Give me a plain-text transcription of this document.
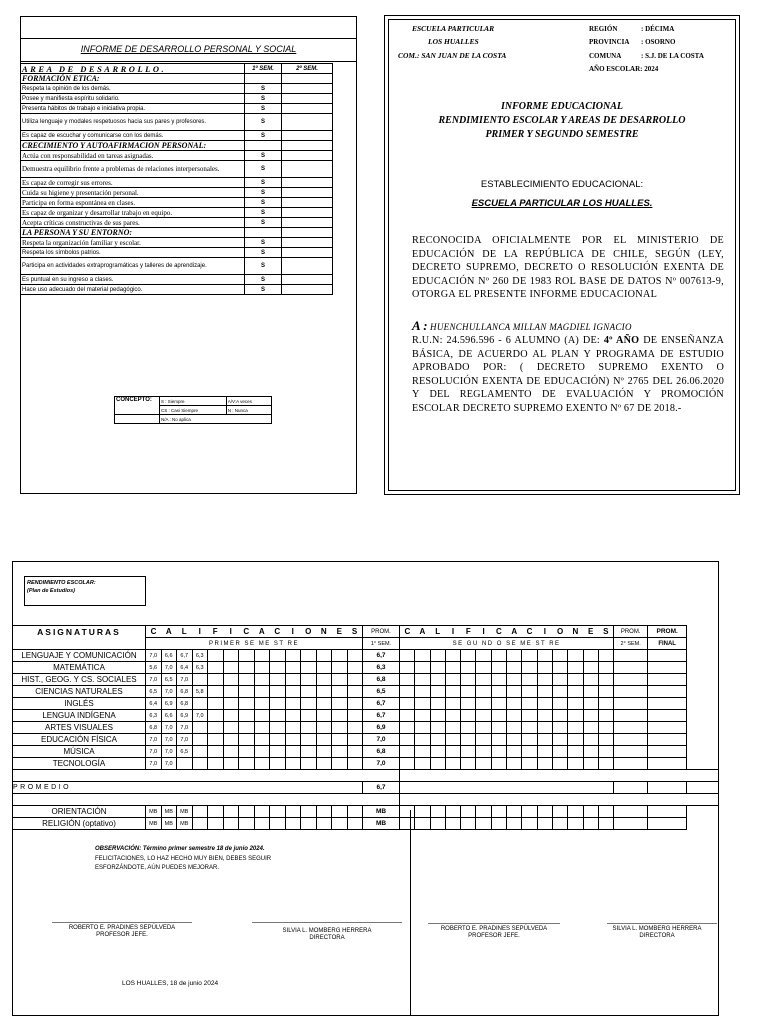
INFORME DE DESARROLLO PERSONAL Y SOCIAL
AREA DE DESARROLLO.	1º SEM.	2º SEM.
FORMACIÓN ETICA:		
Respeta la opinión de los demás.	S	
Posee y manifiesta espíritu solidario.	S	
Presenta hábitos de trabajo e iniciativa propia.	S	
Utiliza lenguaje y modales respetuosos hacia sus pares y profesores.	S	
Es capaz de escuchar y comunicarse con los demás.	S	
CRECIMIENTO Y AUTOAFIRMACION PERSONAL:		
Actúa con responsabilidad en tareas asignadas.	S	
Demuestra equilibrio frente a problemas de relaciones interpersonales.	S	
Es capaz de corregir sus errores.	S	
Cuida su higiene y presentación personal.	S	
Participa en forma espontánea en clases.	S	
Es capaz de organizar y desarrollar trabajo en equipo.	S	
Acepta críticas constructivas de sus pares.	S	
LA PERSONA Y SU ENTORNO:		
Respeta la organización familiar y escolar.	S	
Respeta los símbolos patrios.	S	
Participa en actividades extraprogramáticas y talleres de aprendizaje.	S	
Es puntual en su ingreso a clases.	S	
Hace uso adecuado del material pedagógico.	S	
CONCEPTO:	S : Siempre	A/V:A veces
	CS : Casi Siempre	N : Nunca
	N/A : No aplica	
ESCUELA PARTICULAR
LOS HUALLES
COM.: SAN JUAN DE LA COSTA
REGIÓN	: DÉCIMA
PROVINCIA : OSORNO
COMUNA	: S.J. DE LA COSTA
AÑO ESCOLAR: 2024
INFORME EDUCACIONAL
RENDIMIENTO ESCOLAR Y AREAS DE DESARROLLO
PRIMER Y SEGUNDO SEMESTRE
ESTABLECIMIENTO EDUCACIONAL:
ESCUELA PARTICULAR LOS HUALLES.
RECONOCIDA OFICIALMENTE POR EL MINISTERIO DE EDUCACIÓN DE LA REPÚBLICA DE CHILE, SEGÚN (LEY, DECRETO SUPREMO, DECRETO O RESOLUCIÓN EXENTA DE EDUCACIÓN Nº 260 DE 1983 ROL BASE DE DATOS Nº 007613-9, OTORGA EL PRESENTE INFORME EDUCACIONAL
A : HUENCHULLANCA MILLAN MAGDIEL IGNACIO
R.U.N: 24.596.596 - 6 ALUMNO (A) DE: 4º AÑO DE ENSEÑANZA BÁSICA, DE ACUERDO AL PLAN Y PROGRAMA DE ESTUDIO APROBADO POR: ( DECRETO SUPREMO EXENTO O RESOLUCIÓN EXENTA DE EDUCACIÓN) Nº 2765 DEL 26.06.2020 Y DEL REGLAMENTO DE EVALUACIÓN Y PROMOCIÓN ESCOLAR DECRETO SUPREMO EXENTO Nº 67 DE 2018.-
RENDIMIENTO ESCOLAR:
(Plan de Estudios)
ASIGNATURAS	C	A	L	I	F	I	C	A	C	I	O	N	E	S	PROM.	C	A	L	I	F	I	C	A	C	I	O	N	E	S	PROM.	PROM.
	PRIMER SE ME ST RE														1° SEM.	SE GU ND O SE ME ST RE														2° SEM.	FINAL
LENGUAJE Y COMUNICACIÓN	7,0	6,6	6,7	6,3											6,7																
MATEMÁTICA	5,6	7,0	6,4	6,3											6,3																
HIST., GEOG. Y CS. SOCIALES	7,0	6,5	7,0												6,8																
CIENCIAS NATURALES	6,5	7,0	6,8	5,8											6,5																
INGLÉS	6,4	6,9	6,8												6,7																
LENGUA INDÍGENA	6,3	6,6	6,9	7,0											6,7																
ARTES VISUALES	6,8	7,0	7,0												6,9																
EDUCACIÓN FÍSICA	7,0	7,0	7,0												7,0																
MÚSICA	7,0	7,0	6,5												6,8																
TECNOLOGÍA	7,0	7,0													7,0																

PROMEDIO															6,7																

ORIENTACIÓN	MB	MB	MB												MB																
RELIGIÓN (optativo)	MB	MB	MB												MB																
OBSERVACIÓN: Término primer semestre 18 de junio 2024.
FELICITACIONES, LO HAZ HECHO MUY BIEN, DEBES SEGUIR
ESFORZÁNDOTE, AÚN PUEDES MEJORAR.
ROBERTO E. PRADINES SEPÚLVEDA
PROFESOR JEFE.
SILVIA L. MOMBERG HERRERA
DIRECTORA
ROBERTO E. PRADINES SEPÚLVEDA
PROFESOR JEFE.
SILVIA L. MOMBERG HERRERA
DIRECTORA
LOS HUALLES, 18 de junio 2024
